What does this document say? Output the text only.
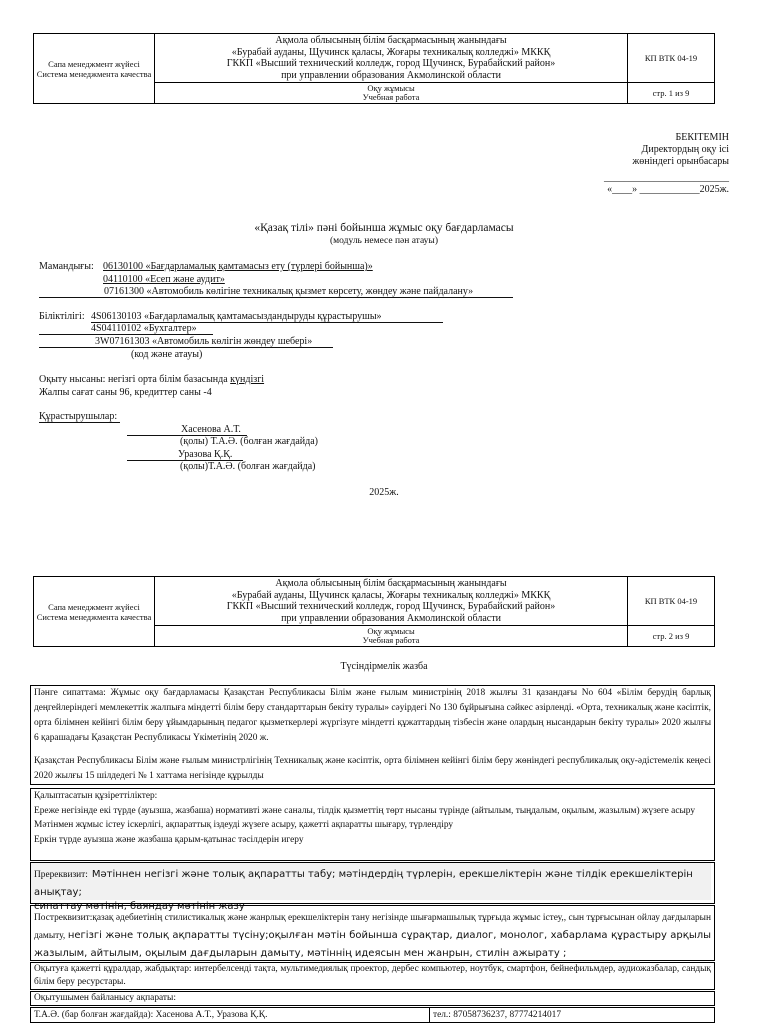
Сапа менеджмент жүйесі Система менеджмента качества	Ақмола облысының білім басқармасының жанындағы
«Бурабай ауданы, Щучинск қаласы, Жоғары техникалық колледжі» МККҚ
ГККП «Высший технический колледж, город Щучинск, Бурабайский район»
при управлении образования Акмолинской области	КП ВТК 04-19

	Оқу жұмысы
Учебная работа	стр. 1 из 9
БЕКІТЕМІН
Директордың оқу ісі
жөніндегі орынбасары
_________________________
«____» ____________2025ж.
«Қазақ тілі» пәні бойынша жұмыс оқу бағдарламасы
(модуль немесе пән атауы)
Мамандығы: 06130100 «Бағдарламалық қамтамасыз ету (түрлері бойынша)»
04110100 «Есеп және аудит»
07161300 «Автомобиль көлігіне техникалық қызмет көрсету, жөндеу және пайдалану»
Біліктілігі: 4S06130103 «Бағдарламалық қамтамасыздандыруды құрастырушы»
4S04110102 «Бухгалтер»
3W07161303 «Автомобиль көлігін жөндеу шебері»
(код және атауы)
Оқыту нысаны: негізгі орта білім базасында күндізгі
Жалпы сағат саны 96, кредиттер саны -4
Құрастырушылар:
Хасенова А.Т.
(қолы) Т.А.Ә. (болған жағдайда)
Уразова Қ.Қ.
(қолы)Т.А.Ә. (болған жағдайда)
2025ж.
Сапа менеджмент жүйесі Система менеджмента качества	Ақмола облысының білім басқармасының жанындағы
«Бурабай ауданы, Щучинск қаласы, Жоғары техникалық колледжі» МККҚ
ГККП «Высший технический колледж, город Щучинск, Бурабайский район»
при управлении образования Акмолинской области	КП ВТК 04-19

	Оқу жұмысы
Учебная работа	стр. 2 из 9
Түсіндірмелік жазба
Пәнге сипаттама: Жұмыс оқу бағдарламасы Қазақстан Республикасы Білім және ғылым министрінің 2018 жылғы 31 қазандағы No 604 «Білім берудің барлық деңгейлеріндегі мемлекеттік жалпыға міндетті білім беру стандарттарын бекіту туралы» сәуірдегі No 130 бұйрығына сәйкес әзірленді. «Орта, техникалық және кәсіптік, орта білімнен кейінгі білім беру ұйымдарының педагог қызметкерлері жүргізуге міндетті құжаттардың тізбесін және олардың нысандарын бекіту туралы» 2020 жылғы 6 қарашадағы Қазақстан Республикасы Үкіметінің 2020 ж.
Қазақстан Республикасы Білім және ғылым министрлігінің Техникалық және кәсіптік, орта білімнен кейінгі білім беру жөніндегі республикалық оқу-әдістемелік кеңесі 2020 жылғы 15 шілдедегі № 1 хаттама негізінде құрылды
Қалыптасатын құзіреттіліктер:
Ереже негізінде екі түрде (ауызша, жазбаша) нормативті және саналы, тілдік қызметтің төрт нысаны түрінде (айтылым, тыңдалым, оқылым, жазылым) жүзеге асыру
Мәтінмен жұмыс істеу іскерлігі, ақпараттық іздеуді жүзеге асыру, қажетті ақпаратты шығару, түрлендіру
Еркін түрде ауызша және жазбаша қарым-қатынас тәсілдерін игеру
Пререквизит: Мәтіннен негізгі және толық ақпаратты табу; мәтіндердің түрлерін, ерекшеліктерін және тілдік ерекшеліктерін анықтау;
сипаттау мәтінін, баяндау мәтінін жазу
Постреквизит:қазақ әдебиетінің стилистикалық және жанрлық ерекшеліктерін тану негізінде шығармашылық тұрғыда жұмыс істеу,, сын тұрғысынан ойлау дағдыларын дамыту, негізгі және толық ақпаратты түсіну;оқылған мәтін бойынша сұрақтар, диалог, монолог, хабарлама құрастыру арқылы жазылым, айтылым, оқылым дағдыларын дамыту, мәтіннің идеясын мен жанрын, стилін ажырату ;
Оқытуға қажетті құралдар, жабдықтар: интербелсенді тақта, мультимедиялық проектор, дербес компьютер, ноутбук, смартфон, бейнефильмдер, аудиожазбалар, сандық білім беру ресурстары.
Оқытушымен байланысу ақпараты:
Т.А.Ә. (бар болған жағдайда): Хасенова А.Т., Уразова Қ.Қ.	тел.: 87058736237, 87774214017
